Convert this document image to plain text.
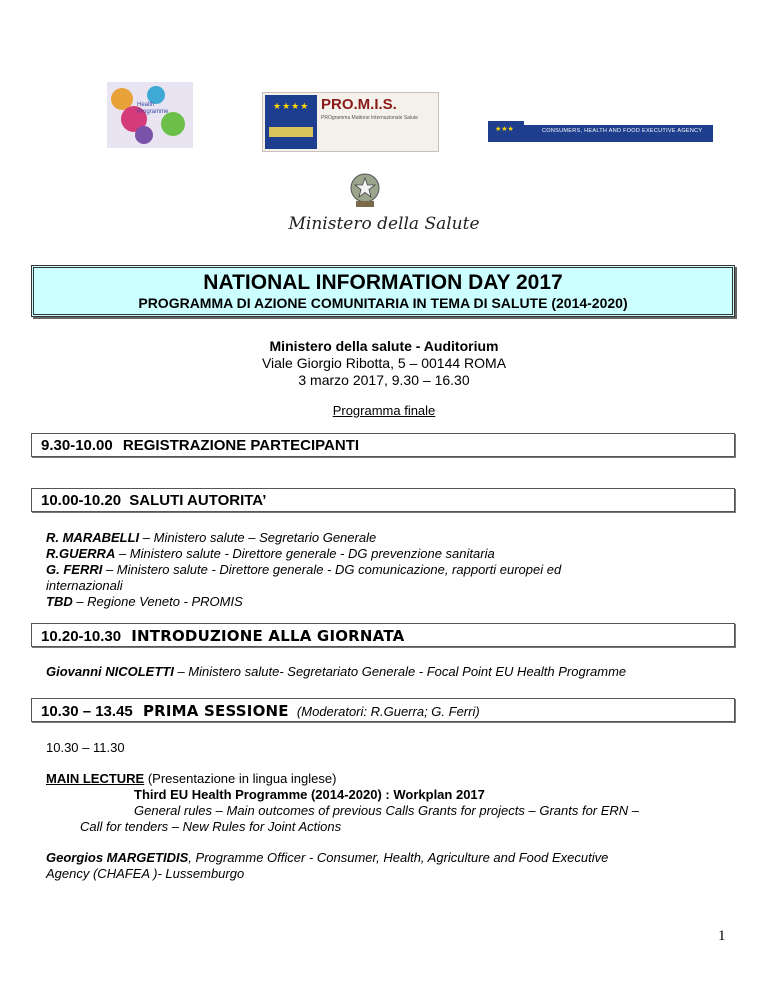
Health
Programme
★★★★ PRO.M.I.S.
PROgramma Mattone Internazionale Salute
★★★	CONSUMERS, HEALTH AND FOOD EXECUTIVE AGENCY
Ministero della Salute
NATIONAL INFORMATION DAY 2017
PROGRAMMA DI AZIONE COMUNITARIA IN TEMA DI SALUTE (2014-2020)
Ministero della salute - Auditorium
Viale Giorgio Ribotta, 5 – 00144 ROMA
3 marzo 2017, 9.30 – 16.30
Programma finale
9.30-10.00 REGISTRAZIONE PARTECIPANTI
10.00-10.20 SALUTI AUTORITA’
R. MARABELLI – Ministero salute – Segretario Generale
R.GUERRA – Ministero salute - Direttore generale - DG prevenzione sanitaria
G. FERRI – Ministero salute - Direttore generale - DG comunicazione, rapporti europei ed
internazionali
TBD – Regione Veneto - PROMIS
10.20-10.30 INTRODUZIONE ALLA GIORNATA
Giovanni NICOLETTI – Ministero salute- Segretariato Generale - Focal Point EU Health Programme
10.30 – 13.45 PRIMA SESSIONE (Moderatori: R.Guerra; G. Ferri)
10.30 – 11.30
MAIN LECTURE (Presentazione in lingua inglese)
Third EU Health Programme (2014-2020) : Workplan 2017
General rules – Main outcomes of previous Calls Grants for projects – Grants for ERN –
Call for tenders – New Rules for Joint Actions
Georgios MARGETIDIS, Programme Officer - Consumer, Health, Agriculture and Food Executive
Agency (CHAFEA )- Lussemburgo
1
